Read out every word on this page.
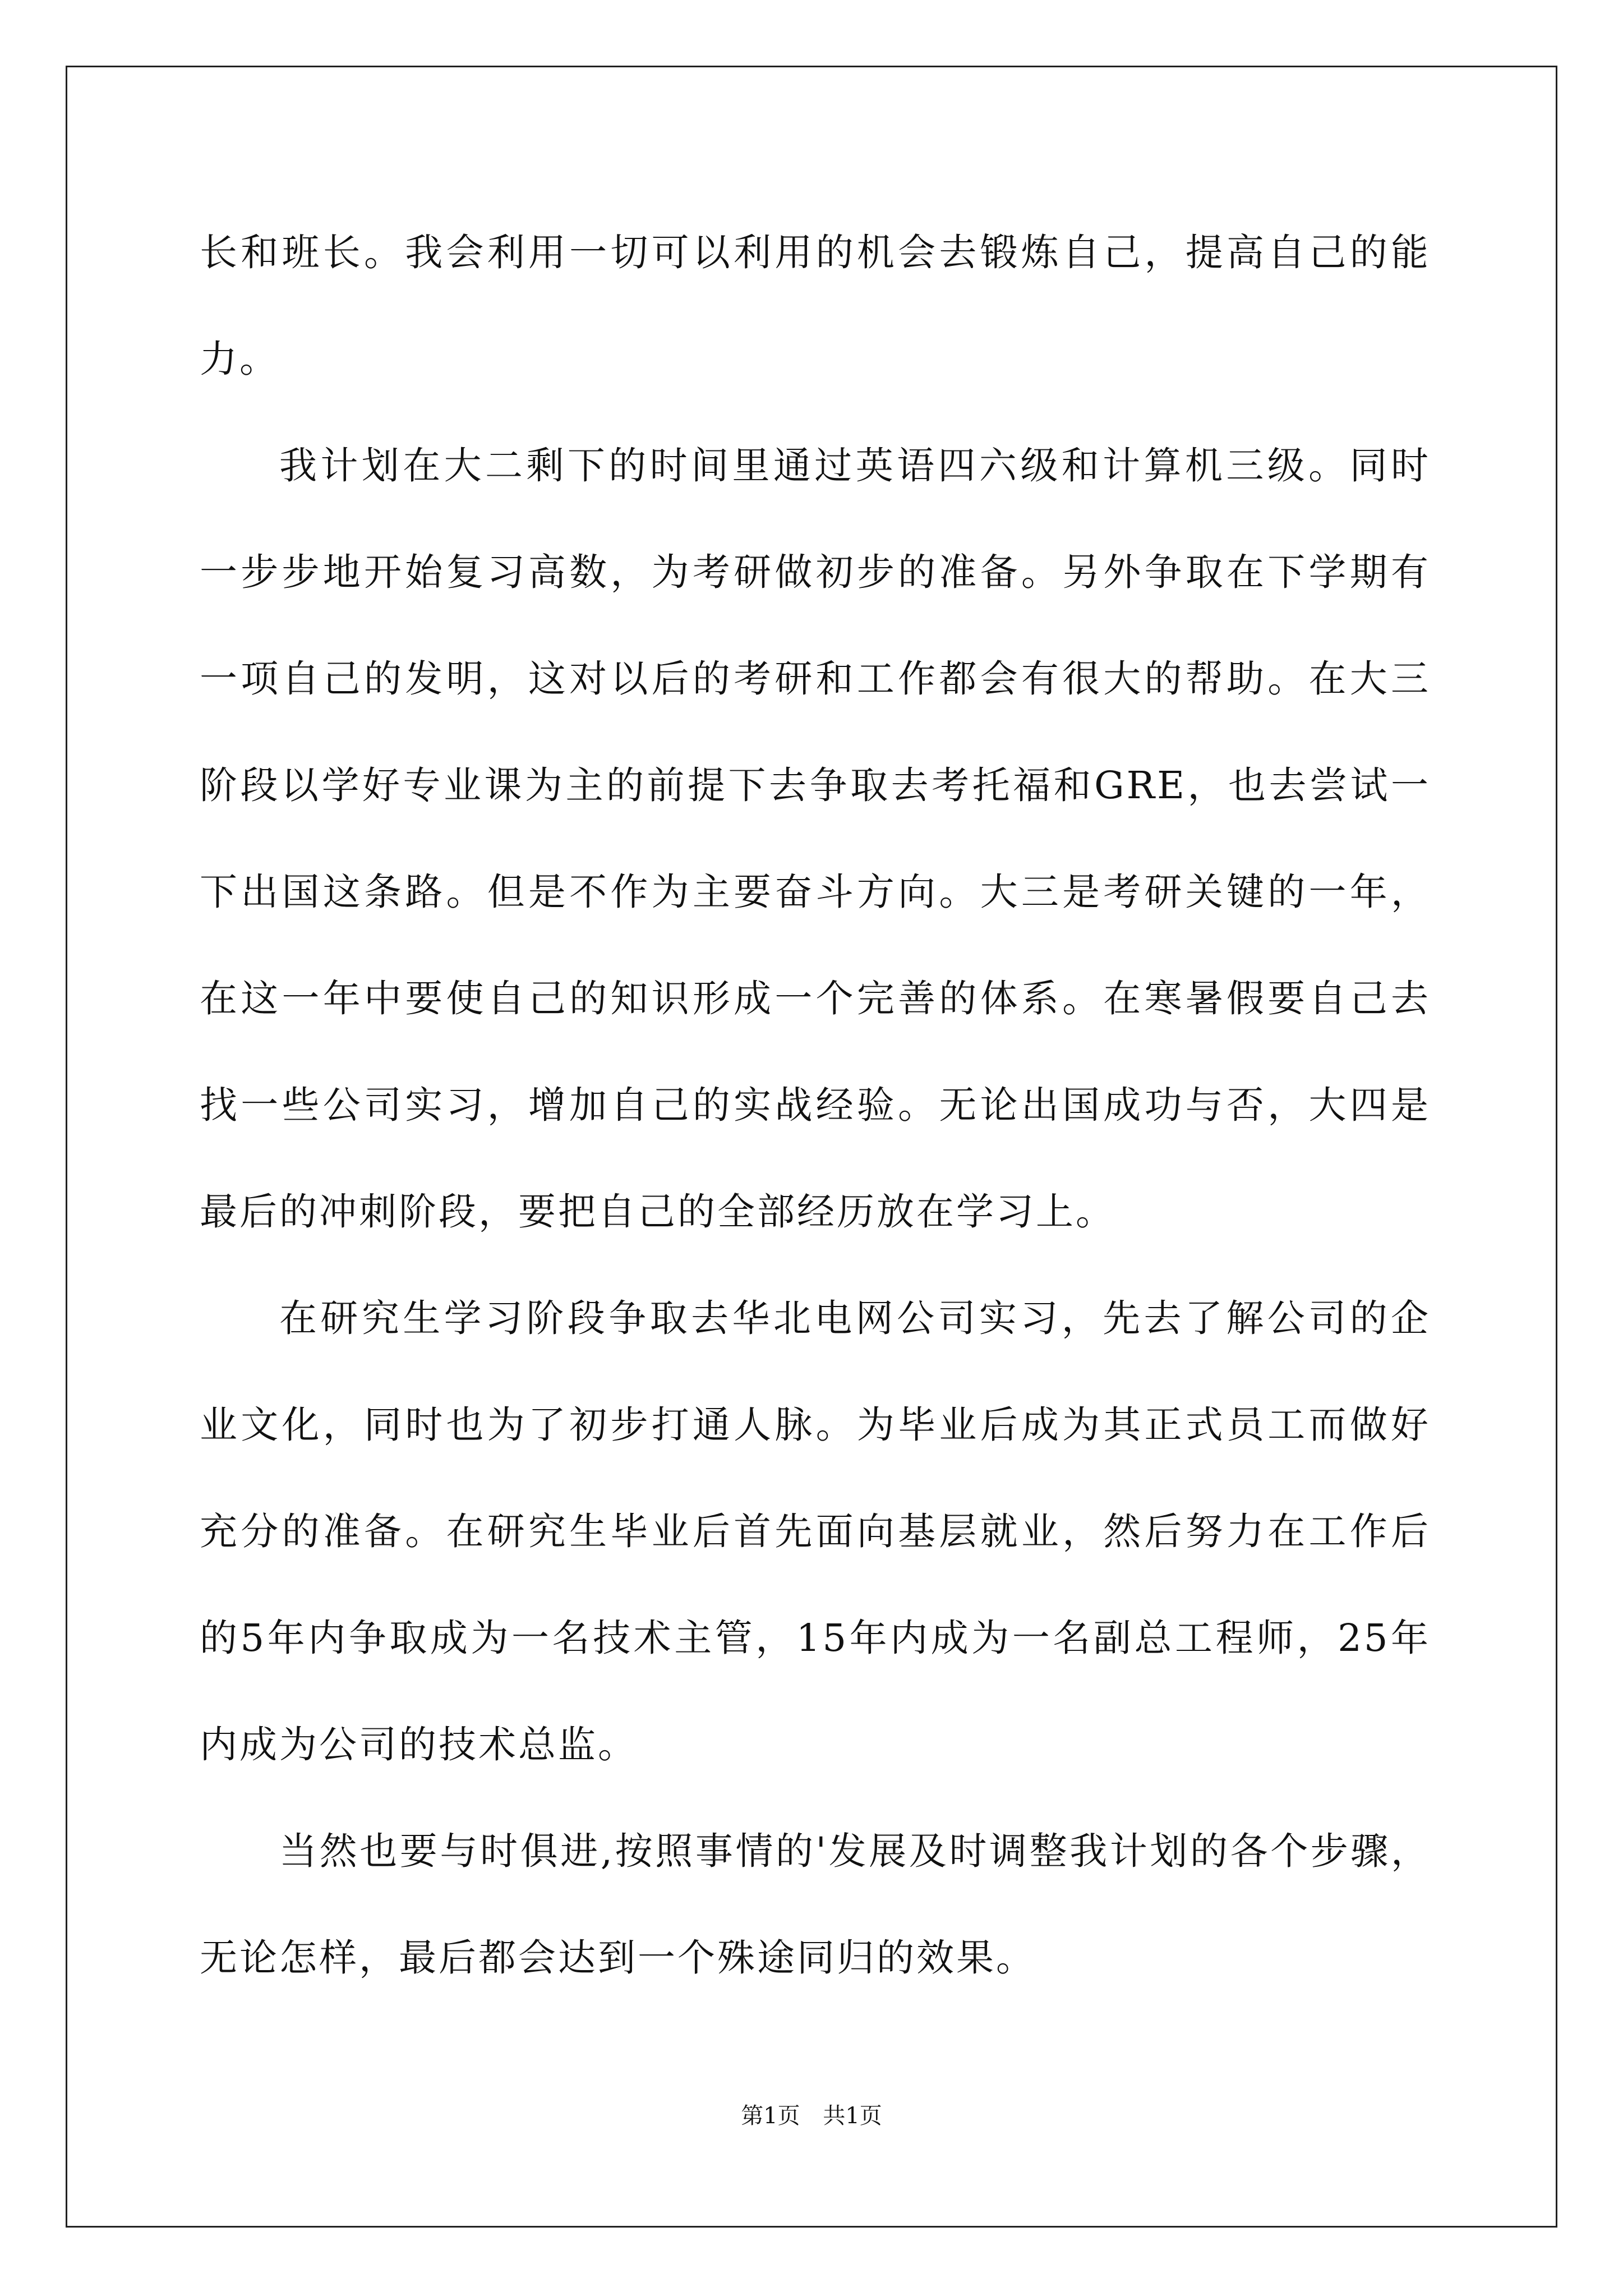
长和班长。我会利用一切可以利用的机会去锻炼自己，提高自己的能力。

我计划在大二剩下的时间里通过英语四六级和计算机三级。同时一步步地开始复习高数，为考研做初步的准备。另外争取在下学期有一项自己的发明，这对以后的考研和工作都会有很大的帮助。在大三阶段以学好专业课为主的前提下去争取去考托福和GRE，也去尝试一下出国这条路。但是不作为主要奋斗方向。大三是考研关键的一年，在这一年中要使自己的知识形成一个完善的体系。在寒暑假要自己去找一些公司实习，增加自己的实战经验。无论出国成功与否，大四是最后的冲刺阶段，要把自己的全部经历放在学习上。

在研究生学习阶段争取去华北电网公司实习，先去了解公司的企业文化，同时也为了初步打通人脉。为毕业后成为其正式员工而做好充分的准备。在研究生毕业后首先面向基层就业，然后努力在工作后的5年内争取成为一名技术主管，15年内成为一名副总工程师，25年内成为公司的技术总监。

当然也要与时俱进,按照事情的'发展及时调整我计划的各个步骤，无论怎样，最后都会达到一个殊途同归的效果。

第1页 共1页
